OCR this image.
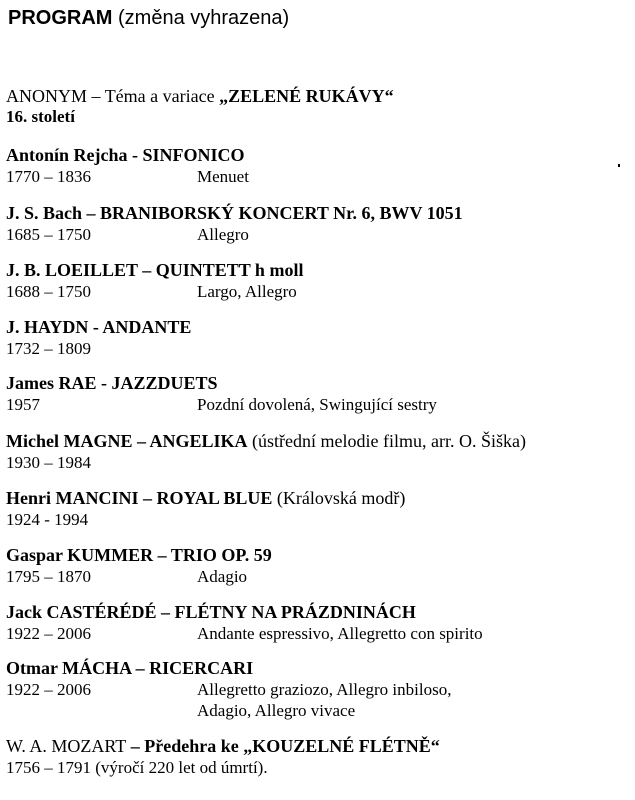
PROGRAM (změna vyhrazena)
ANONYM – Téma a variace „ZELENÉ RUKÁVY“
16. století
Antonín Rejcha - SINFONICO
1770 – 1836	Menuet
J. S. Bach – BRANIBORSKÝ KONCERT Nr. 6, BWV 1051
1685 – 1750	Allegro
J. B. LOEILLET – QUINTETT h moll
1688 – 1750	Largo, Allegro
J. HAYDN - ANDANTE
1732 – 1809
James RAE - JAZZDUETS
1957	Pozdní dovolená, Swingující sestry
Michel MAGNE – ANGELIKA (ústřední melodie filmu, arr. O. Šiška)
1930 – 1984
Henri MANCINI – ROYAL BLUE (Královská modř)
1924 - 1994
Gaspar KUMMER – TRIO OP. 59
1795 – 1870	Adagio
Jack CASTÉRÉDÉ – FLÉTNY NA PRÁZDNINÁCH
1922 – 2006	Andante espressivo, Allegretto con spirito
Otmar MÁCHA – RICERCARI
1922 – 2006	Allegretto graziozo, Allegro inbiloso,
Adagio, Allegro vivace
W. A. MOZART – Předehra ke „KOUZELNÉ FLÉTNĚ“
1756 – 1791 (výročí 220 let od úmrtí).
